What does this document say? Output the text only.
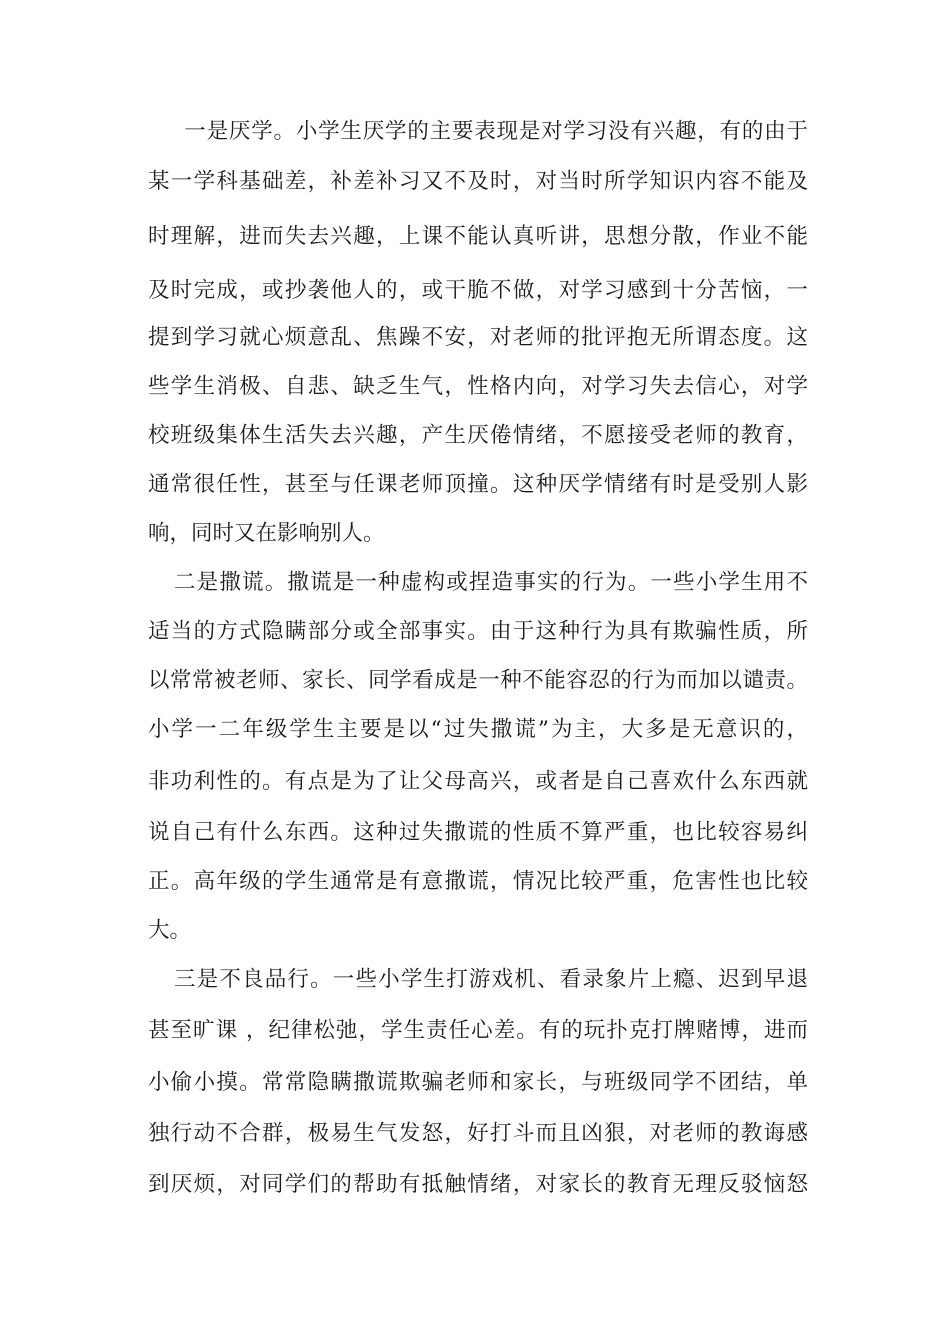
　一是厌学。小学生厌学的主要表现是对学习没有兴趣，有的由于
某一学科基础差，补差补习又不及时，对当时所学知识内容不能及
时理解，进而失去兴趣，上课不能认真听讲，思想分散，作业不能
及时完成，或抄袭他人的，或干脆不做，对学习感到十分苦恼，一
提到学习就心烦意乱、焦躁不安，对老师的批评抱无所谓态度。这
些学生消极、自悲、缺乏生气，性格内向，对学习失去信心，对学
校班级集体生活失去兴趣，产生厌倦情绪，不愿接受老师的教育，
通常很任性，甚至与任课老师顶撞。这种厌学情绪有时是受别人影
响，同时又在影响别人。
二是撒谎。撒谎是一种虚构或捏造事实的行为。一些小学生用不
适当的方式隐瞒部分或全部事实。由于这种行为具有欺骗性质，所
以常常被老师、家长、同学看成是一种不能容忍的行为而加以谴责。
小学一二年级学生主要是以“过失撒谎”为主，大多是无意识的，
非功利性的。有点是为了让父母高兴，或者是自己喜欢什么东西就
说自己有什么东西。这种过失撒谎的性质不算严重，也比较容易纠
正。高年级的学生通常是有意撒谎，情况比较严重，危害性也比较
大。
三是不良品行。一些小学生打游戏机、看录象片上瘾、迟到早退
甚至旷课 ，纪律松弛，学生责任心差。有的玩扑克打牌赌博，进而
小偷小摸。常常隐瞒撒谎欺骗老师和家长，与班级同学不团结，单
独行动不合群，极易生气发怒，好打斗而且凶狠，对老师的教诲感
到厌烦，对同学们的帮助有抵触情绪，对家长的教育无理反驳恼怒
